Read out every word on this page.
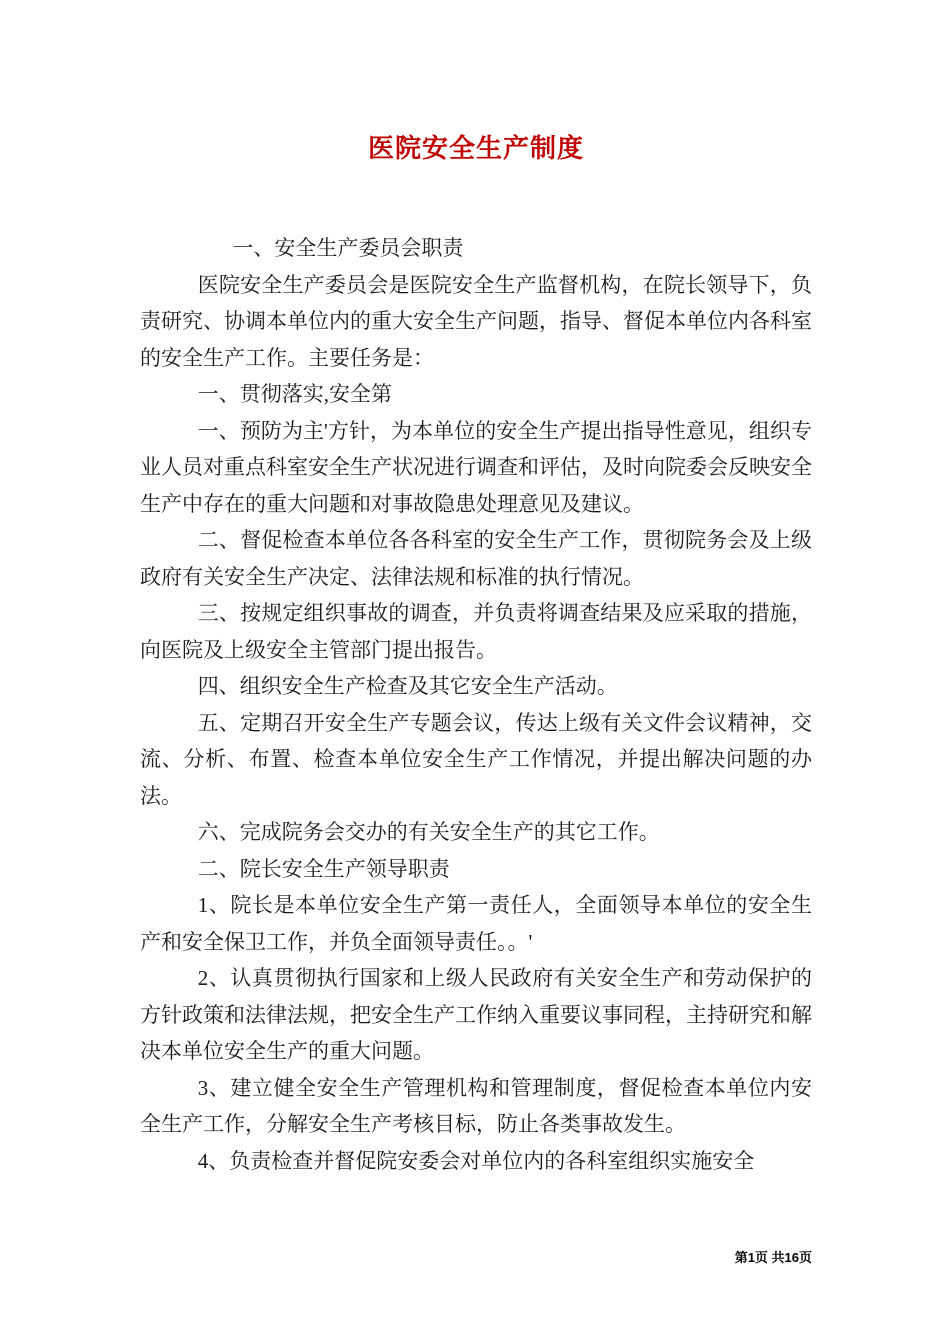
医院安全生产制度

一、安全生产委员会职责

医院安全生产委员会是医院安全生产监督机构，在院长领导下，负责研究、协调本单位内的重大安全生产问题，指导、督促本单位内各科室的安全生产工作。主要任务是：

一、贯彻落实,安全第

一、预防为主'方针，为本单位的安全生产提出指导性意见，组织专业人员对重点科室安全生产状况进行调查和评估，及时向院委会反映安全生产中存在的重大问题和对事故隐患处理意见及建议。

二、督促检查本单位各各科室的安全生产工作，贯彻院务会及上级政府有关安全生产决定、法律法规和标准的执行情况。

三、按规定组织事故的调查，并负责将调查结果及应采取的措施，向医院及上级安全主管部门提出报告。

四、组织安全生产检查及其它安全生产活动。

五、定期召开安全生产专题会议，传达上级有关文件会议精神，交流、分析、布置、检查本单位安全生产工作情况，并提出解决问题的办法。

六、完成院务会交办的有关安全生产的其它工作。

二、院长安全生产领导职责

1、院长是本单位安全生产第一责任人，全面领导本单位的安全生产和安全保卫工作，并负全面领导责任。。'

2、认真贯彻执行国家和上级人民政府有关安全生产和劳动保护的方针政策和法律法规，把安全生产工作纳入重要议事同程，主持研究和解决本单位安全生产的重大问题。

3、建立健全安全生产管理机构和管理制度，督促检查本单位内安全生产工作，分解安全生产考核目标，防止各类事故发生。

4、负责检查并督促院安委会对单位内的各科室组织实施安全

第1页 共16页
